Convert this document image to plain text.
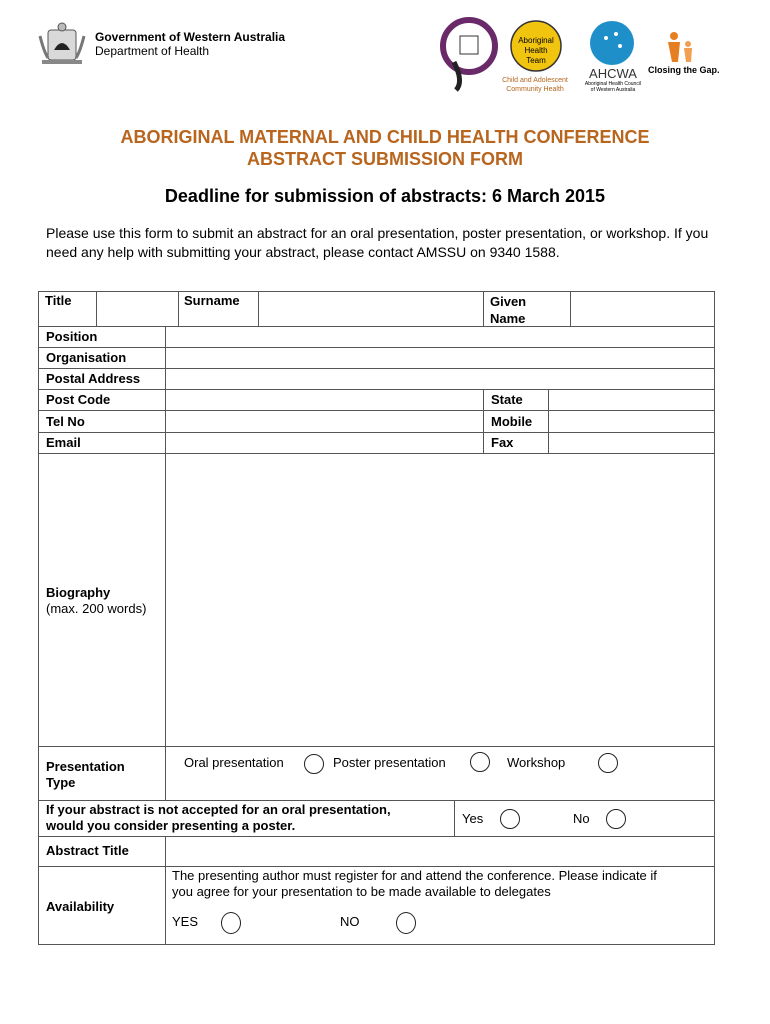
Government of Western Australia
Department of Health
Aboriginal Health Team
Child and Adolescent
Community Health
AHCWA
Aboriginal Health Council
of Western Australia
Closing the Gap.
ABORIGINAL MATERNAL AND CHILD HEALTH CONFERENCE
ABSTRACT SUBMISSION FORM
Deadline for submission of abstracts: 6 March 2015
Please use this form to submit an abstract for an oral presentation, poster presentation, or workshop. If you need any help with submitting your abstract, please contact AMSSU on 9340 1588.
Title	Surname	Given
Name
Position
Organisation
Postal Address
Post Code	State
Tel No	Mobile
Email	Fax
Biography
(max. 200 words)
Presentation
Type
Oral presentation	Poster presentation	Workshop
If your abstract is not accepted for an oral presentation,
would you consider presenting a poster.	Yes	No
Abstract Title
Availability
The presenting author must register for and attend the conference. Please indicate if
you agree for your presentation to be made available to delegates
YES	NO
